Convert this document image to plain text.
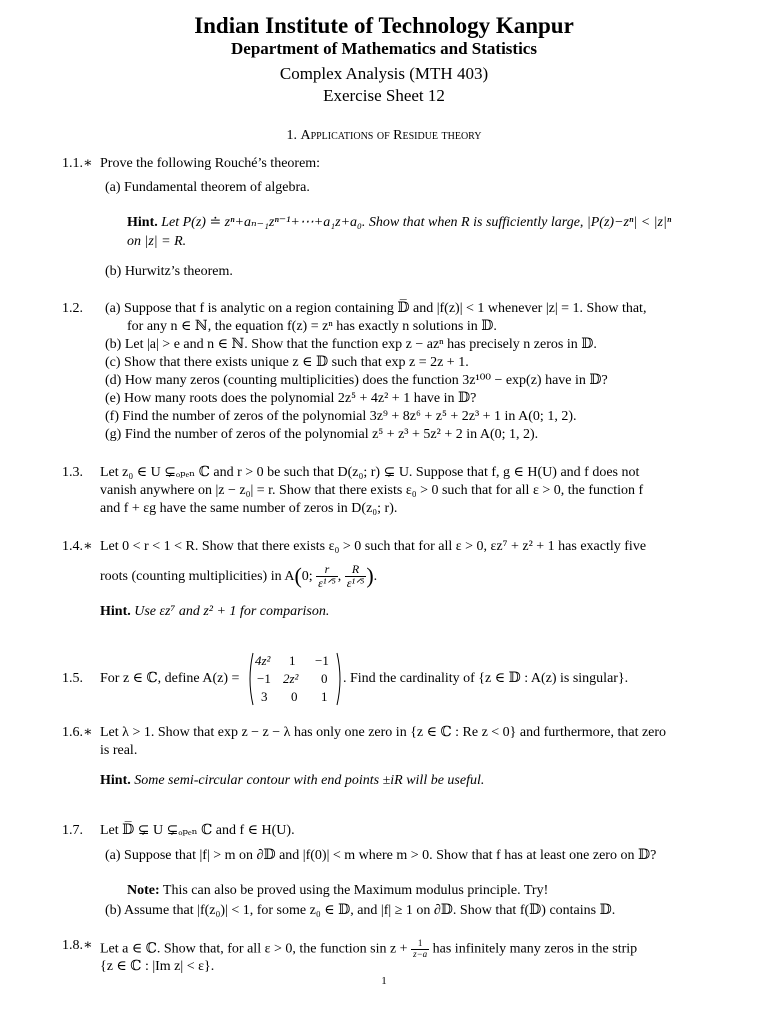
Indian Institute of Technology Kanpur
Department of Mathematics and Statistics
Complex Analysis (MTH 403)
Exercise Sheet 12
1. Applications of Residue theory
1.1.∗ Prove the following Rouché’s theorem:
(a) Fundamental theorem of algebra.
Hint. Let P(z) ≐ zⁿ+aₙ₋₁zⁿ⁻¹+⋯+a₁z+a₀. Show that when R is sufficiently large, |P(z)−zⁿ| < |z|ⁿ
on |z| = R.
(b) Hurwitz’s theorem.
1.2. (a) Suppose that f is analytic on a region containing 𝔻̅ and |f(z)| < 1 whenever |z| = 1. Show that,
for any n ∈ ℕ, the equation f(z) = zⁿ has exactly n solutions in 𝔻.
(b) Let |a| > e and n ∈ ℕ. Show that the function exp z − azⁿ has precisely n zeros in 𝔻.
(c) Show that there exists unique z ∈ 𝔻 such that exp z = 2z + 1.
(d) How many zeros (counting multiplicities) does the function 3z¹⁰⁰ − exp(z) have in 𝔻?
(e) How many roots does the polynomial 2z⁵ + 4z² + 1 have in 𝔻?
(f) Find the number of zeros of the polynomial 3z⁹ + 8z⁶ + z⁵ + 2z³ + 1 in A(0; 1, 2).
(g) Find the number of zeros of the polynomial z⁵ + z³ + 5z² + 2 in A(0; 1, 2).
1.3. Let z₀ ∈ U ⊊ₒₚₑₙ ℂ and r > 0 be such that D(z₀; r) ⊊ U. Suppose that f, g ∈ H(U) and f does not
vanish anywhere on |z − z₀| = r. Show that there exists ε₀ > 0 such that for all ε > 0, the function f
and f + εg have the same number of zeros in D(z₀; r).
1.4.∗ Let 0 < r < 1 < R. Show that there exists ε₀ > 0 such that for all ε > 0, εz⁷ + z² + 1 has exactly five
roots (counting multiplicities) in A(0; $\frac{r}{\text{ε¹ᐟ⁵}}$ , $\frac{R}{\text{ε¹ᐟ⁵}}$ ).
Hint. Use εz⁷ and z² + 1 for comparison.
1.5. For z ∈ ℂ, define A(z) =
4z² 1 −1
−1 2z² 0
3 0 1
. Find the cardinality of {z ∈ 𝔻 : A(z) is singular}.
1.6.∗ Let λ > 1. Show that exp z − z − λ has only one zero in {z ∈ ℂ : Re z < 0} and furthermore, that zero
is real.
Hint. Some semi-circular contour with end points ±iR will be useful.
1.7. Let 𝔻̅ ⊊ U ⊊ₒₚₑₙ ℂ and f ∈ H(U).
(a) Suppose that |f| > m on ∂𝔻 and |f(0)| < m where m > 0. Show that f has at least one zero on 𝔻?
Note: This can also be proved using the Maximum modulus principle. Try!
(b) Assume that |f(z₀)| < 1, for some z₀ ∈ 𝔻, and |f| ≥ 1 on ∂𝔻. Show that f(𝔻) contains 𝔻.
1.8.∗ Let a ∈ ℂ. Show that, for all ε > 0, the function $\sin z + \frac{1}{z-a}$ has infinitely many zeros in the strip
{z ∈ ℂ : |Im z| < ε}.
1
